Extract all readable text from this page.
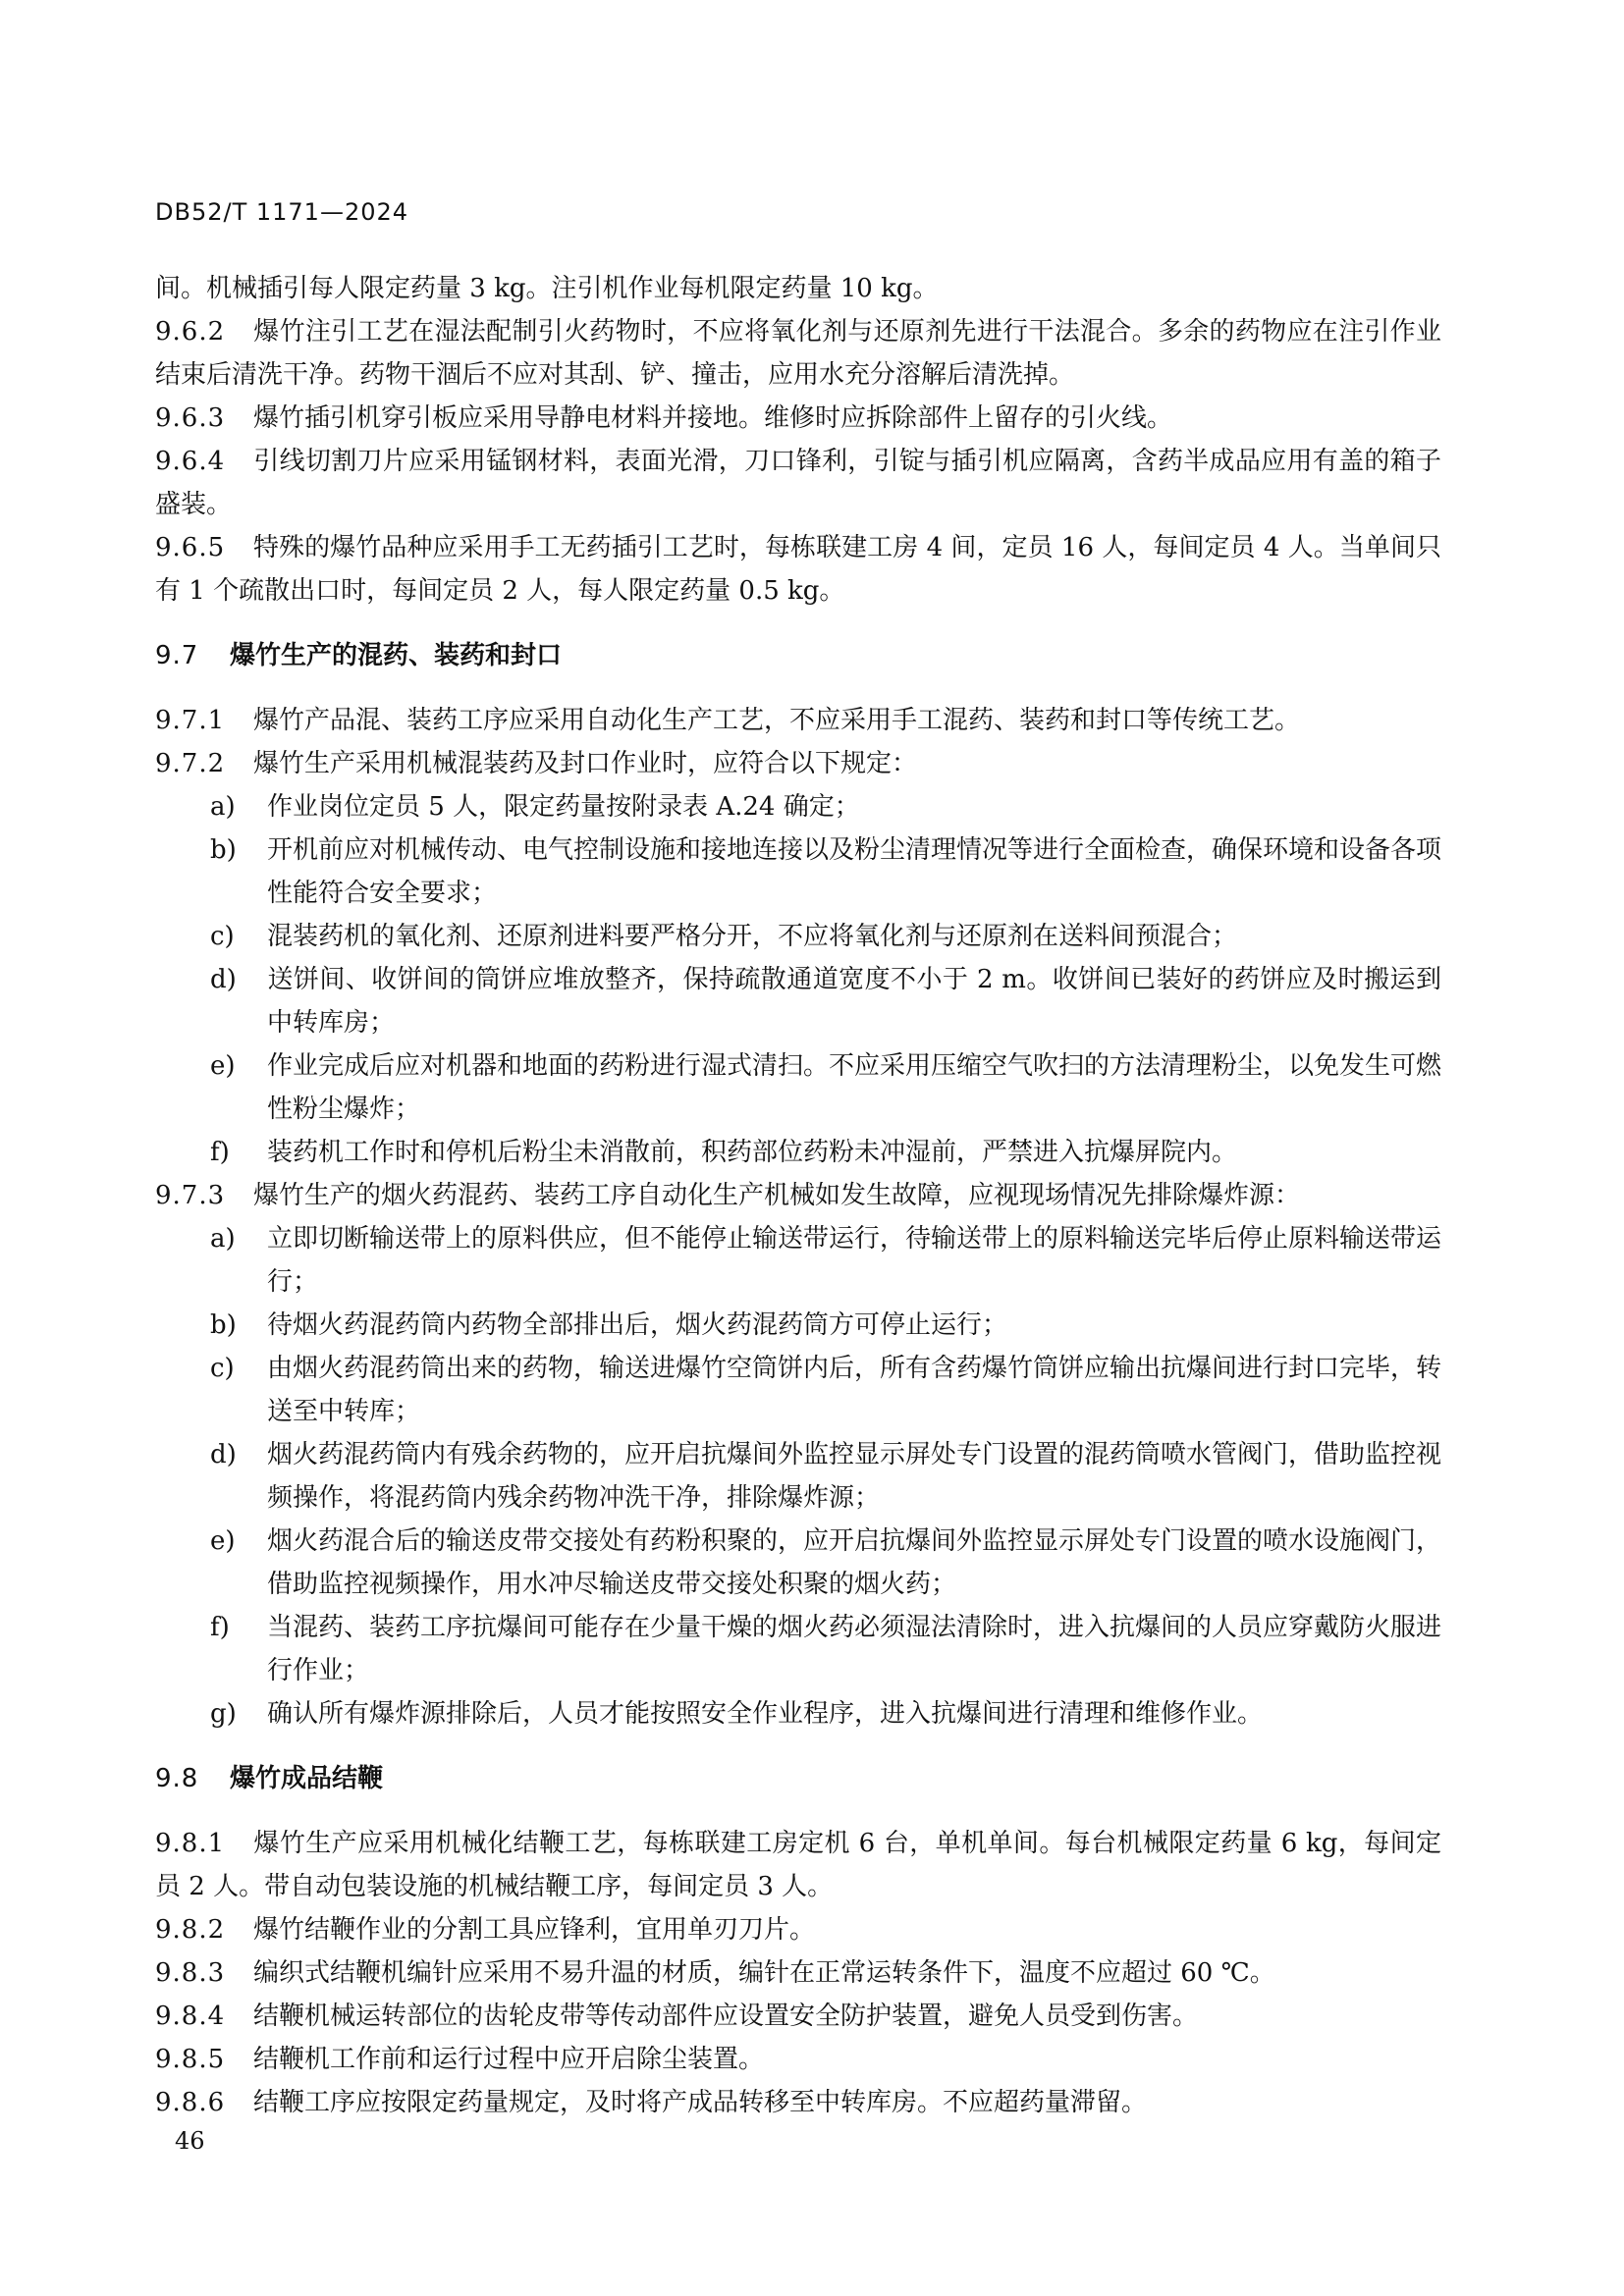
DB52/T 1171—2024

间。机械插引每人限定药量 3 kg。注引机作业每机限定药量 10 kg。

9.6.2 爆竹注引工艺在湿法配制引火药物时，不应将氧化剂与还原剂先进行干法混合。多余的药物应在注引作业结束后清洗干净。药物干涸后不应对其刮、铲、撞击，应用水充分溶解后清洗掉。

9.6.3 爆竹插引机穿引板应采用导静电材料并接地。维修时应拆除部件上留存的引火线。

9.6.4 引线切割刀片应采用锰钢材料，表面光滑，刀口锋利，引锭与插引机应隔离，含药半成品应用有盖的箱子盛装。

9.6.5 特殊的爆竹品种应采用手工无药插引工艺时，每栋联建工房 4 间，定员 16 人，每间定员 4 人。当单间只有 1 个疏散出口时，每间定员 2 人，每人限定药量 0.5 kg。

9.7 爆竹生产的混药、装药和封口

9.7.1 爆竹产品混、装药工序应采用自动化生产工艺，不应采用手工混药、装药和封口等传统工艺。

9.7.2 爆竹生产采用机械混装药及封口作业时，应符合以下规定：

a) 作业岗位定员 5 人，限定药量按附录表 A.24 确定；

b) 开机前应对机械传动、电气控制设施和接地连接以及粉尘清理情况等进行全面检查，确保环境和设备各项性能符合安全要求；

c) 混装药机的氧化剂、还原剂进料要严格分开，不应将氧化剂与还原剂在送料间预混合；

d) 送饼间、收饼间的筒饼应堆放整齐，保持疏散通道宽度不小于 2 m。收饼间已装好的药饼应及时搬运到中转库房；

e) 作业完成后应对机器和地面的药粉进行湿式清扫。不应采用压缩空气吹扫的方法清理粉尘，以免发生可燃性粉尘爆炸；

f) 装药机工作时和停机后粉尘未消散前，积药部位药粉未冲湿前，严禁进入抗爆屏院内。

9.7.3 爆竹生产的烟火药混药、装药工序自动化生产机械如发生故障，应视现场情况先排除爆炸源：

a) 立即切断输送带上的原料供应，但不能停止输送带运行，待输送带上的原料输送完毕后停止原料输送带运行；

b) 待烟火药混药筒内药物全部排出后，烟火药混药筒方可停止运行；

c) 由烟火药混药筒出来的药物，输送进爆竹空筒饼内后，所有含药爆竹筒饼应输出抗爆间进行封口完毕，转送至中转库；

d) 烟火药混药筒内有残余药物的，应开启抗爆间外监控显示屏处专门设置的混药筒喷水管阀门，借助监控视频操作，将混药筒内残余药物冲洗干净，排除爆炸源；

e) 烟火药混合后的输送皮带交接处有药粉积聚的，应开启抗爆间外监控显示屏处专门设置的喷水设施阀门，借助监控视频操作，用水冲尽输送皮带交接处积聚的烟火药；

f) 当混药、装药工序抗爆间可能存在少量干燥的烟火药必须湿法清除时，进入抗爆间的人员应穿戴防火服进行作业；

g) 确认所有爆炸源排除后，人员才能按照安全作业程序，进入抗爆间进行清理和维修作业。

9.8 爆竹成品结鞭

9.8.1 爆竹生产应采用机械化结鞭工艺，每栋联建工房定机 6 台，单机单间。每台机械限定药量 6 kg，每间定员 2 人。带自动包装设施的机械结鞭工序，每间定员 3 人。

9.8.2 爆竹结鞭作业的分割工具应锋利，宜用单刃刀片。

9.8.3 编织式结鞭机编针应采用不易升温的材质，编针在正常运转条件下，温度不应超过 60 ℃。

9.8.4 结鞭机械运转部位的齿轮皮带等传动部件应设置安全防护装置，避免人员受到伤害。

9.8.5 结鞭机工作前和运行过程中应开启除尘装置。

9.8.6 结鞭工序应按限定药量规定，及时将产成品转移至中转库房。不应超药量滞留。

46
